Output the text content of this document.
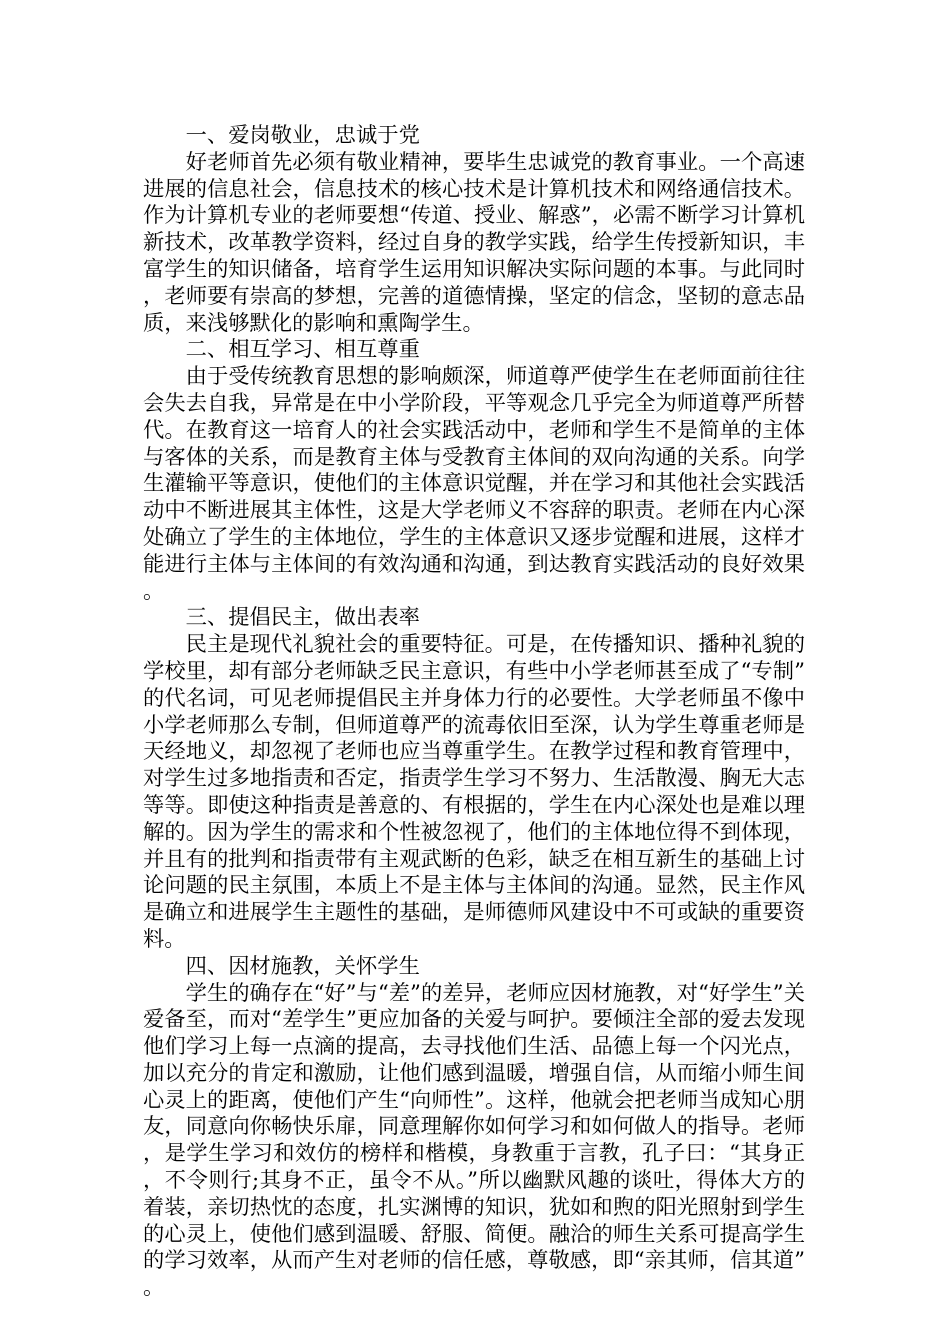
一、爱岗敬业，忠诚于党

好老师首先必须有敬业精神，要毕生忠诚党的教育事业。一个高速进展的信息社会，信息技术的核心技术是计算机技术和网络通信技术。作为计算机专业的老师要想“传道、授业、解惑”，必需不断学习计算机新技术，改革教学资料，经过自身的教学实践，给学生传授新知识，丰富学生的知识储备，培育学生运用知识解决实际问题的本事。与此同时，老师要有崇高的梦想，完善的道德情操，坚定的信念，坚韧的意志品质，来浅够默化的影响和熏陶学生。

二、相互学习、相互尊重

由于受传统教育思想的影响颇深，师道尊严使学生在老师面前往往会失去自我，异常是在中小学阶段，平等观念几乎完全为师道尊严所替代。在教育这一培育人的社会实践活动中，老师和学生不是简单的主体与客体的关系，而是教育主体与受教育主体间的双向沟通的关系。向学生灌输平等意识，使他们的主体意识觉醒，并在学习和其他社会实践活动中不断进展其主体性，这是大学老师义不容辞的职责。老师在内心深处确立了学生的主体地位，学生的主体意识又逐步觉醒和进展，这样才能进行主体与主体间的有效沟通和沟通，到达教育实践活动的良好效果。

三、提倡民主，做出表率

民主是现代礼貌社会的重要特征。可是，在传播知识、播种礼貌的学校里，却有部分老师缺乏民主意识，有些中小学老师甚至成了“专制”的代名词，可见老师提倡民主并身体力行的必要性。大学老师虽不像中小学老师那么专制，但师道尊严的流毒依旧至深，认为学生尊重老师是天经地义，却忽视了老师也应当尊重学生。在教学过程和教育管理中，对学生过多地指责和否定，指责学生学习不努力、生活散漫、胸无大志等等。即使这种指责是善意的、有根据的，学生在内心深处也是难以理解的。因为学生的需求和个性被忽视了，他们的主体地位得不到体现，并且有的批判和指责带有主观武断的色彩，缺乏在相互新生的基础上讨论问题的民主氛围，本质上不是主体与主体间的沟通。显然，民主作风是确立和进展学生主题性的基础，是师德师风建设中不可或缺的重要资料。

四、因材施教，关怀学生

学生的确存在“好”与“差”的差异，老师应因材施教，对“好学生”关爱备至，而对“差学生”更应加备的关爱与呵护。要倾注全部的爱去发现他们学习上每一点滴的提高，去寻找他们生活、品德上每一个闪光点，加以充分的肯定和激励，让他们感到温暖，增强自信，从而缩小师生间心灵上的距离，使他们产生“向师性”。这样，他就会把老师当成知心朋友，同意向你畅快乐扉，同意理解你如何学习和如何做人的指导。老师，是学生学习和效仿的榜样和楷模，身教重于言教，孔子曰：“其身正，不令则行;其身不正，虽令不从。”所以幽默风趣的谈吐，得体大方的着装，亲切热忱的态度，扎实渊博的知识，犹如和煦的阳光照射到学生的心灵上，使他们感到温暖、舒服、简便。融洽的师生关系可提高学生的学习效率，从而产生对老师的信任感，尊敬感，即“亲其师，信其道”。
